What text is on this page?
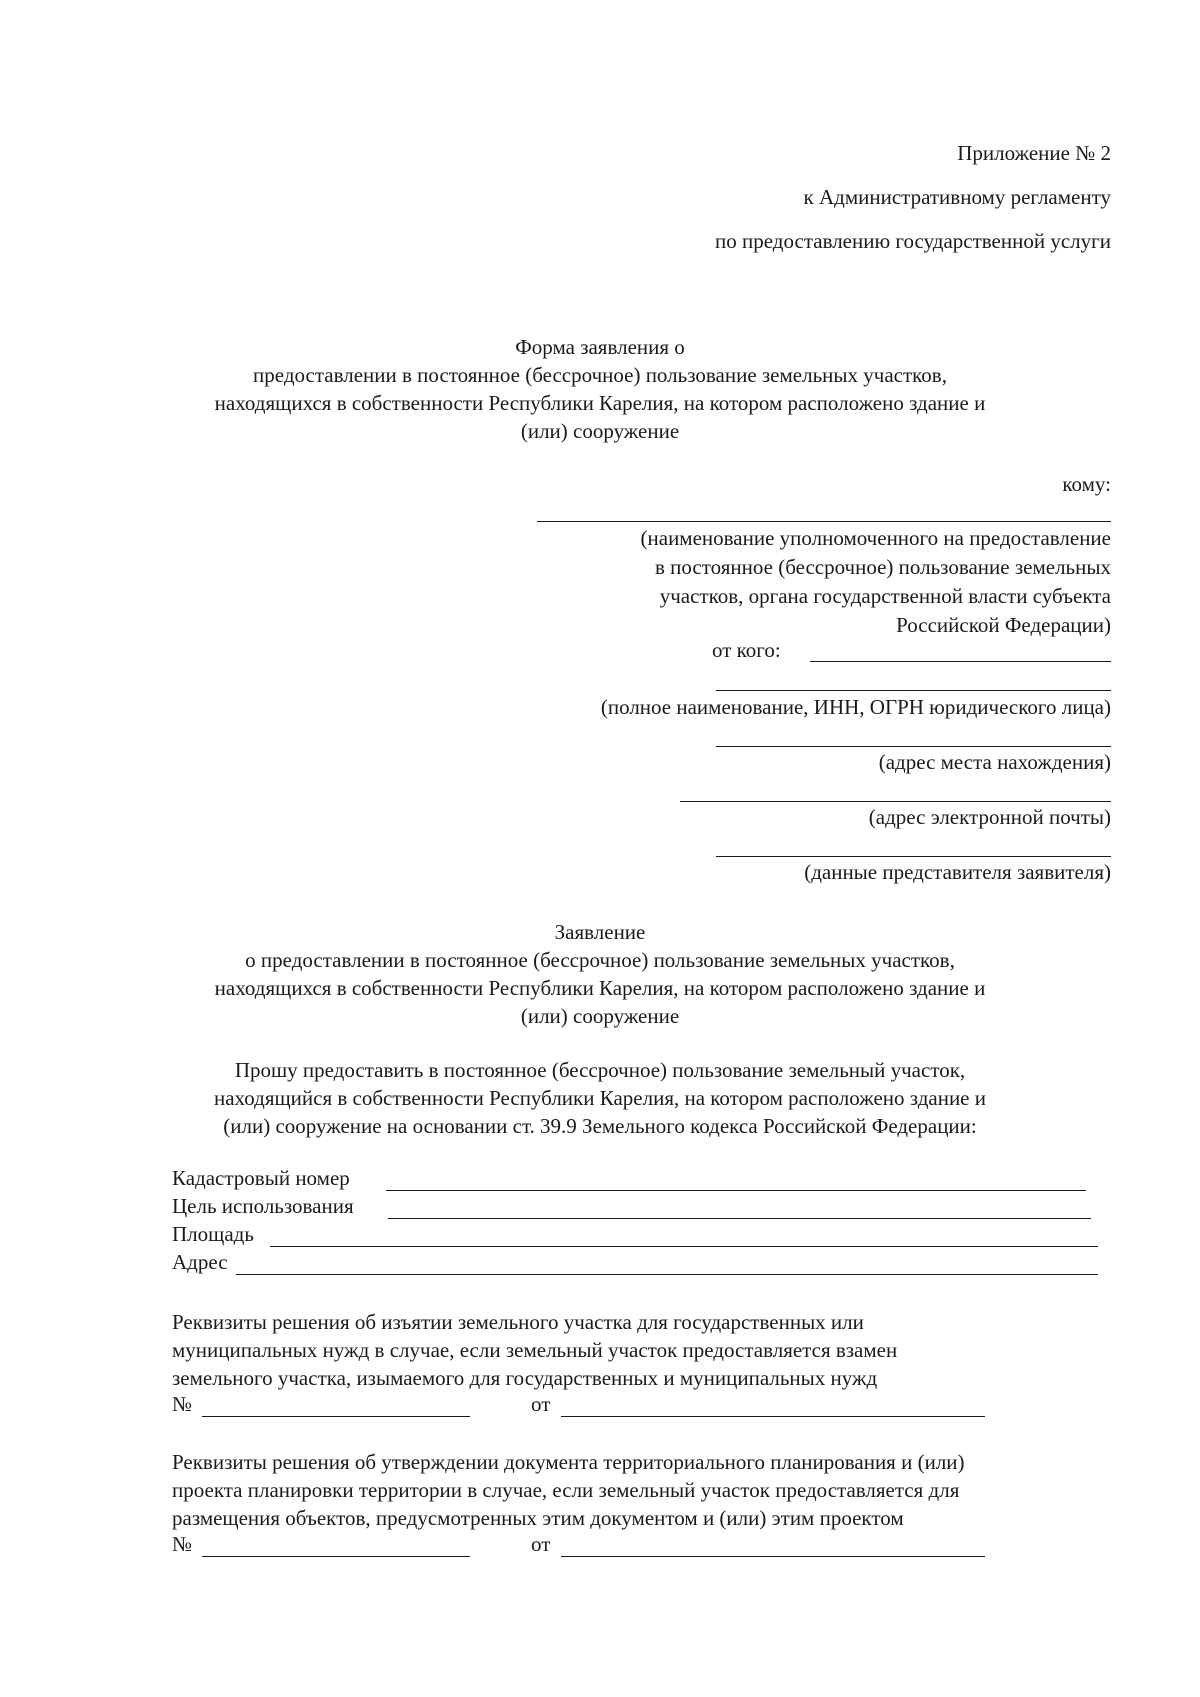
Приложение № 2
к Административному регламенту
по предоставлению государственной услуги
Форма заявления о
предоставлении в постоянное (бессрочное) пользование земельных участков,
находящихся в собственности Республики Карелия, на котором расположено здание и
(или) сооружение
кому:
(наименование уполномоченного на предоставление
в постоянное (бессрочное) пользование земельных
участков, органа государственной власти субъекта
Российской Федерации)
от кого:
(полное наименование, ИНН, ОГРН юридического лица)
(адрес места нахождения)
(адрес электронной почты)
(данные представителя заявителя)
Заявление
о предоставлении в постоянное (бессрочное) пользование земельных участков,
находящихся в собственности Республики Карелия, на котором расположено здание и
(или) сооружение
Прошу предоставить в постоянное (бессрочное) пользование земельный участок,
находящийся в собственности Республики Карелия, на котором расположено здание и
(или) сооружение на основании ст. 39.9 Земельного кодекса Российской Федерации:
Кадастровый номер
Цель использования
Площадь
Адрес
Реквизиты решения об изъятии земельного участка для государственных или
муниципальных нужд в случае, если земельный участок предоставляется взамен
земельного участка, изымаемого для государственных и муниципальных нужд
№	от
Реквизиты решения об утверждении документа территориального планирования и (или)
проекта планировки территории в случае, если земельный участок предоставляется для
размещения объектов, предусмотренных этим документом и (или) этим проектом
№	от
